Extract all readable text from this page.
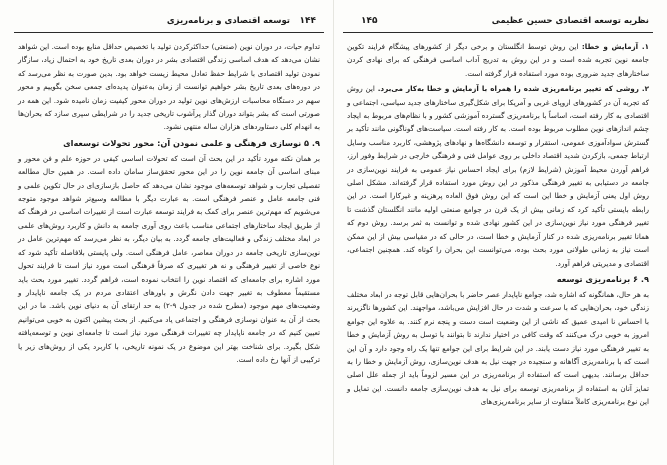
۱۴۴
توسعه اقتصادی و برنامه‌ریزی

تداوم حیات، در دوران نوین (صنعتی) حداکثرکردن تولید با تخصیص حداقل منابع بوده است. این شواهد نشان می‌دهد که هدف اساسی زندگی اقتصادی بشر در دوران بعدی تاریخ خود به احتمال زیاد، سازگار نمودن تولید اقتصادی با شرایط حفظ تعادل محیط زیست خواهد بود. بدین صورت به نظر می‌رسد که در دوره‌های بعدی تاریخ بشر خواهیم توانست از زمان به‌عنوان پدیده‌ای جمعی سخن بگوییم و محور سهم در دستگاه محاسبات ارزش‌های نوین تولید در دوران محور کیفیت زمان نامیده شود. این همه در صورتی است که بشر بتواند دوران گذار پرآشوب تاریخی جدید را در شرایطی سپری سازد که بحران‌ها به انهدام کلی دستاوردهای هزاران ساله منتهی نشود.

۹. ۵ نوسازی فرهنگی و علمی نمودن آن: محور تحولات توسعه‌ای

بر همان نکته مورد تأکید در این بحث آن است که تحولات اساسی کیفی در حوزه علم و فن محور و مبنای اساسی آن جامعه نوین را در این محور تحقق‌ساز سامان داده است. در همین حال مطالعه تفصیلی تجارب و شواهد توسعه‌های موجود نشان می‌دهد که حاصل بازسازی‌ای در حال تکوین علمی و فنی جامعه عامل و عنصر فرهنگی است. به عبارت دیگر با مطالعه وسیع‌تر شواهد موجود متوجه می‌شویم که مهم‌ترین عنصر برای کمک به فرایند توسعه عبارت است از تغییرات اساسی در فرهنگ که از طریق ایجاد ساختارهای اجتماعی مناسب باعث روی آوری جامعه به دانش و کاربرد روش‌های علمی در ابعاد مختلف زندگی و فعالیت‌های جامعه گردد. به بیان دیگر، به نظر می‌رسد که مهم‌ترین عامل در نوین‌سازی تاریخی جامعه در دوران معاصر، عامل فرهنگی است. ولی پایستی بلافاصله تأکید شود که نوع خاصی از تغییر فرهنگی و نه هر تغییری که صرفاً فرهنگی است مورد نیاز است تا فرایند تحول مورد اشاره برای جامعه‌ای که اقتصاد نوین را انتخاب نموده است، فراهم گردد. تغییر مورد بحث باید مستقیماً معطوف به تغییر جهت دادن نگرش و باورهای اعتقادی مردم در یک جامعه ناپایدار و وضعیت‌های مهم موجود (مطرح شده در جدول ۹-۲) به حد ارتقای آن به دنیای نوین باشد. ما در این بحث از آن به عنوان نوسازی فرهنگی و اجتماعی یاد می‌کنیم. از بحث پیشین اکنون به خوبی می‌توانیم تعیین کنیم که در جامعه ناپایدار چه تغییرات فرهنگی مورد نیاز است تا جامعه‌ای نوین و توسعه‌یافته شکل بگیرد. برای شناخت بهتر این موضوع در یک نمونه تاریخی، با کاربرد یکی از روش‌های زیر یا ترکیبی از آنها رخ داده است.

نظریه توسعه اقتصادی حسین عظیمی
۱۴۵

۱. آزمایش و خطا: این روش توسط انگلستان و برخی دیگر از کشورهای پیشگام فرایند تکوین جامعه نوین تجربه شده است و در این روش به تدریج آداب اساسی فرهنگی که برای نهادی کردن ساختارهای جدید ضروری بوده مورد استفاده قرار گرفته است.

۲. روشی که تغییر برنامه‌ریزی شده را همراه با آزمایش و خطا به‌کار می‌برد. این روش که تجربه آن در کشورهای اروپای غربی و آمریکا برای شکل‌گیری ساختارهای جدید سیاسی، اجتماعی و اقتصادی به کار رفته است، اساساً با برنامه‌ریزی گسترده آموزشی کشور و با نظام‌های مربوط به ایجاد چشم اندازهای نوین مطلوب مربوط بوده است. به کار رفته است. سیاست‌های گوناگونی مانند تأکید بر گسترش سوادآموزی عمومی، استقرار و توسعه دانشگاه‌ها و نهادهای پژوهشی، کاربرد مناسب وسایل ارتباط جمعی، بازکردن شدید اقتصاد داخلی بر روی عوامل فنی و فرهنگی خارجی در شرایط وفور ارز، فراهم آوردن محیط آموزش (شرایط لازم) برای ایجاد احساس نیاز عمومی به فرایند نوین‌سازی در جامعه در دستیابی به تغییر فرهنگی مذکور در این روش مورد استفاده قرار گرفته‌اند. مشکل اصلی روش اول یعنی آزمایش و خطا این است که این روش فوق العاده پرهزینه و غیرکارا است. در این رابطه بایستی تأکید کرد که زمانی بیش از یک قرن در جوامع صنعتی اولیه مانند انگلستان گذشت تا تغییر فرهنگی مورد نیاز نوین‌سازی در این کشور نهادی شده و توانست به ثمر برسد. روش دوم که همانا تغییر برنامه‌ریزی شده در کنار آزمایش و خطا است، در حالی که در مقیاسی بیش از این ممکن است نیاز به زمانی طولانی مورد بحث بوده، می‌توانست این بحران را کوتاه کند. همچنین اجتماعی، اقتصادی و مدیریتی فراهم آورد.

۹. ۶ برنامه‌ریزی توسعه

به هر حال، همانگونه که اشاره شد، جوامع ناپایدار عصر حاضر با بحران‌هایی قابل توجه در ابعاد مختلف زندگی خود، بحران‌هایی که با سرعت و شدت در حال افزایش می‌باشد، مواجهند. این کشورها ناگزیرند با احساس نا امیدی عمیق که ناشی از این وضعیت است دست و پنجه نرم کنند. به علاوه این جوامع امروز به خوبی درک می‌کنند که وقت کافی در اختیار ندارند تا بتوانند با توسل به روش آزمایش و خطا به تغییر فرهنگی مورد نیاز دست یابند. در این شرایط برای این جوامع تنها یک راه وجود دارد و آن این است که با برنامه‌ریزی آگاهانه و سنجیده در جهت نیل به هدف نوین‌سازی، روش آزمایش و خطا را به حداقل برسانند. بدیهی است که استفاده از برنامه‌ریزی در این مسیر لزوماً باید از جمله علل اصلی تمایز آنان به استفاده از برنامه‌ریزی توسعه برای نیل به هدف نوین‌سازی جامعه دانست. این تمایل و این نوع برنامه‌ریزی کاملاً متفاوت از سایر برنامه‌ریزی‌های
